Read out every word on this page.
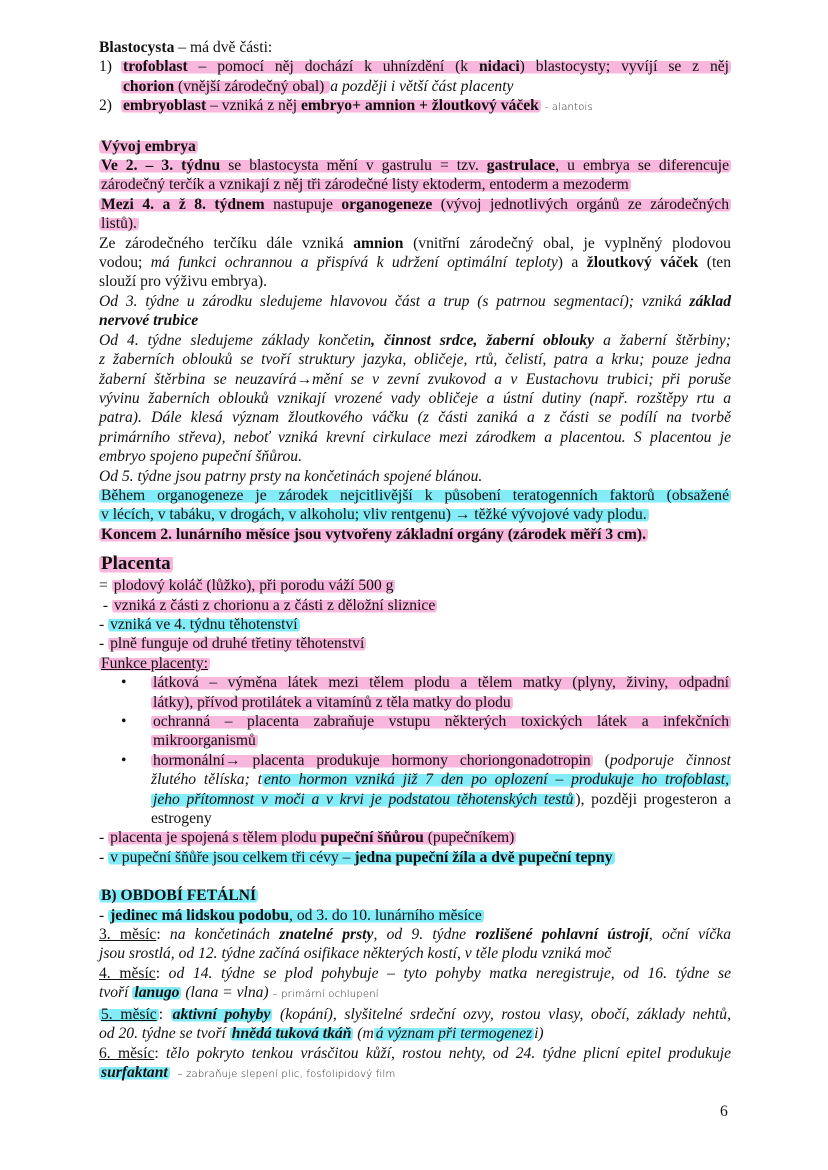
Blastocysta – má dvě části:
1) trofoblast – pomocí něj dochází k uhnízdění (k nidaci) blastocysty; vyvíjí se z něj
chorion (vnější zárodečný obal) a později i větší část placenty
2) embryoblast – vzniká z něj embryo+ amnion + žloutkový váček - alantois
Vývoj embrya
Ve 2. – 3. týdnu se blastocysta mění v gastrulu = tzv. gastrulace, u embrya se diferencuje
zárodečný terčík a vznikají z něj tři zárodečné listy ektoderm, entoderm a mezoderm
Mezi 4. a ž 8. týdnem nastupuje organogeneze (vývoj jednotlivých orgánů ze zárodečných
listů).
Ze zárodečného terčíku dále vzniká amnion (vnitřní zárodečný obal, je vyplněný plodovou
vodou; má funkci ochrannou a přispívá k udržení optimální teploty) a žloutkový váček (ten
slouží pro výživu embrya).
Od 3. týdne u zárodku sledujeme hlavovou část a trup (s patrnou segmentací); vzniká základ
nervové trubice
Od 4. týdne sledujeme základy končetin, činnost srdce, žaberní oblouky a žaberní štěrbiny;
z žaberních oblouků se tvoří struktury jazyka, obličeje, rtů, čelistí, patra a krku; pouze jedna
žaberní štěrbina se neuzavírá→mění se v zevní zvukovod a v Eustachovu trubici; při poruše
vývinu žaberních oblouků vznikají vrozené vady obličeje a ústní dutiny (např. rozštěpy rtu a
patra). Dále klesá význam žloutkového váčku (z části zaniká a z části se podílí na tvorbě
primárního střeva), neboť vzniká krevní cirkulace mezi zárodkem a placentou. S placentou je
embryo spojeno pupeční šňůrou.
Od 5. týdne jsou patrny prsty na končetinách spojené blánou.
Během organogeneze je zárodek nejcitlivější k působení teratogenních faktorů (obsažené
v lécích, v tabáku, v drogách, v alkoholu; vliv rentgenu) → těžké vývojové vady plodu.
Koncem 2. lunárního měsíce jsou vytvořeny základní orgány (zárodek měří 3 cm).
Placenta
= plodový koláč (lůžko), při porodu váží 500 g
- vzniká z části z chorionu a z části z děložní sliznice
- vzniká ve 4. týdnu těhotenství
- plně funguje od druhé třetiny těhotenství
Funkce placenty:
• látková – výměna látek mezi tělem plodu a tělem matky (plyny, živiny, odpadní
látky), přívod protilátek a vitamínů z těla matky do plodu
• ochranná – placenta zabraňuje vstupu některých toxických látek a infekčních
mikroorganismů
• hormonální→ placenta produkuje hormony choriongonadotropin (podporuje činnost
žlutého tělíska; t ento hormon vzniká již 7 den po oplození – produkuje ho trofoblast,
jeho přítomnost v moči a v krvi je podstatou těhotenských testů ), později progesteron a
estrogeny
- placenta je spojená s tělem plodu pupeční šňůrou (pupečníkem)
- v pupeční šňůře jsou celkem tři cévy – jedna pupeční žíla a dvě pupeční tepny
B) OBDOBÍ FETÁLNÍ
- jedinec má lidskou podobu, od 3. do 10. lunárního měsíce
3. měsíc: na končetinách znatelné prsty, od 9. týdne rozlišené pohlavní ústrojí, oční víčka
jsou srostlá, od 12. týdne začíná osifikace některých kostí, v těle plodu vzniká moč
4. měsíc: od 14. týdne se plod pohybuje – tyto pohyby matka neregistruje, od 16. týdne se
tvoří lanugo (lana = vlna) – primární ochlupení
5. měsíc : aktivní pohyby (kopání), slyšitelné srdeční ozvy, rostou vlasy, obočí, základy nehtů,
od 20. týdne se tvoří hnědá tuková tkáň (m á význam při termogenez i)
6. měsíc: tělo pokryto tenkou vrásčitou kůží, rostou nehty, od 24. týdne plicní epitel produkuje
surfaktant – zabraňuje slepení plic, fosfolipidový film
6
